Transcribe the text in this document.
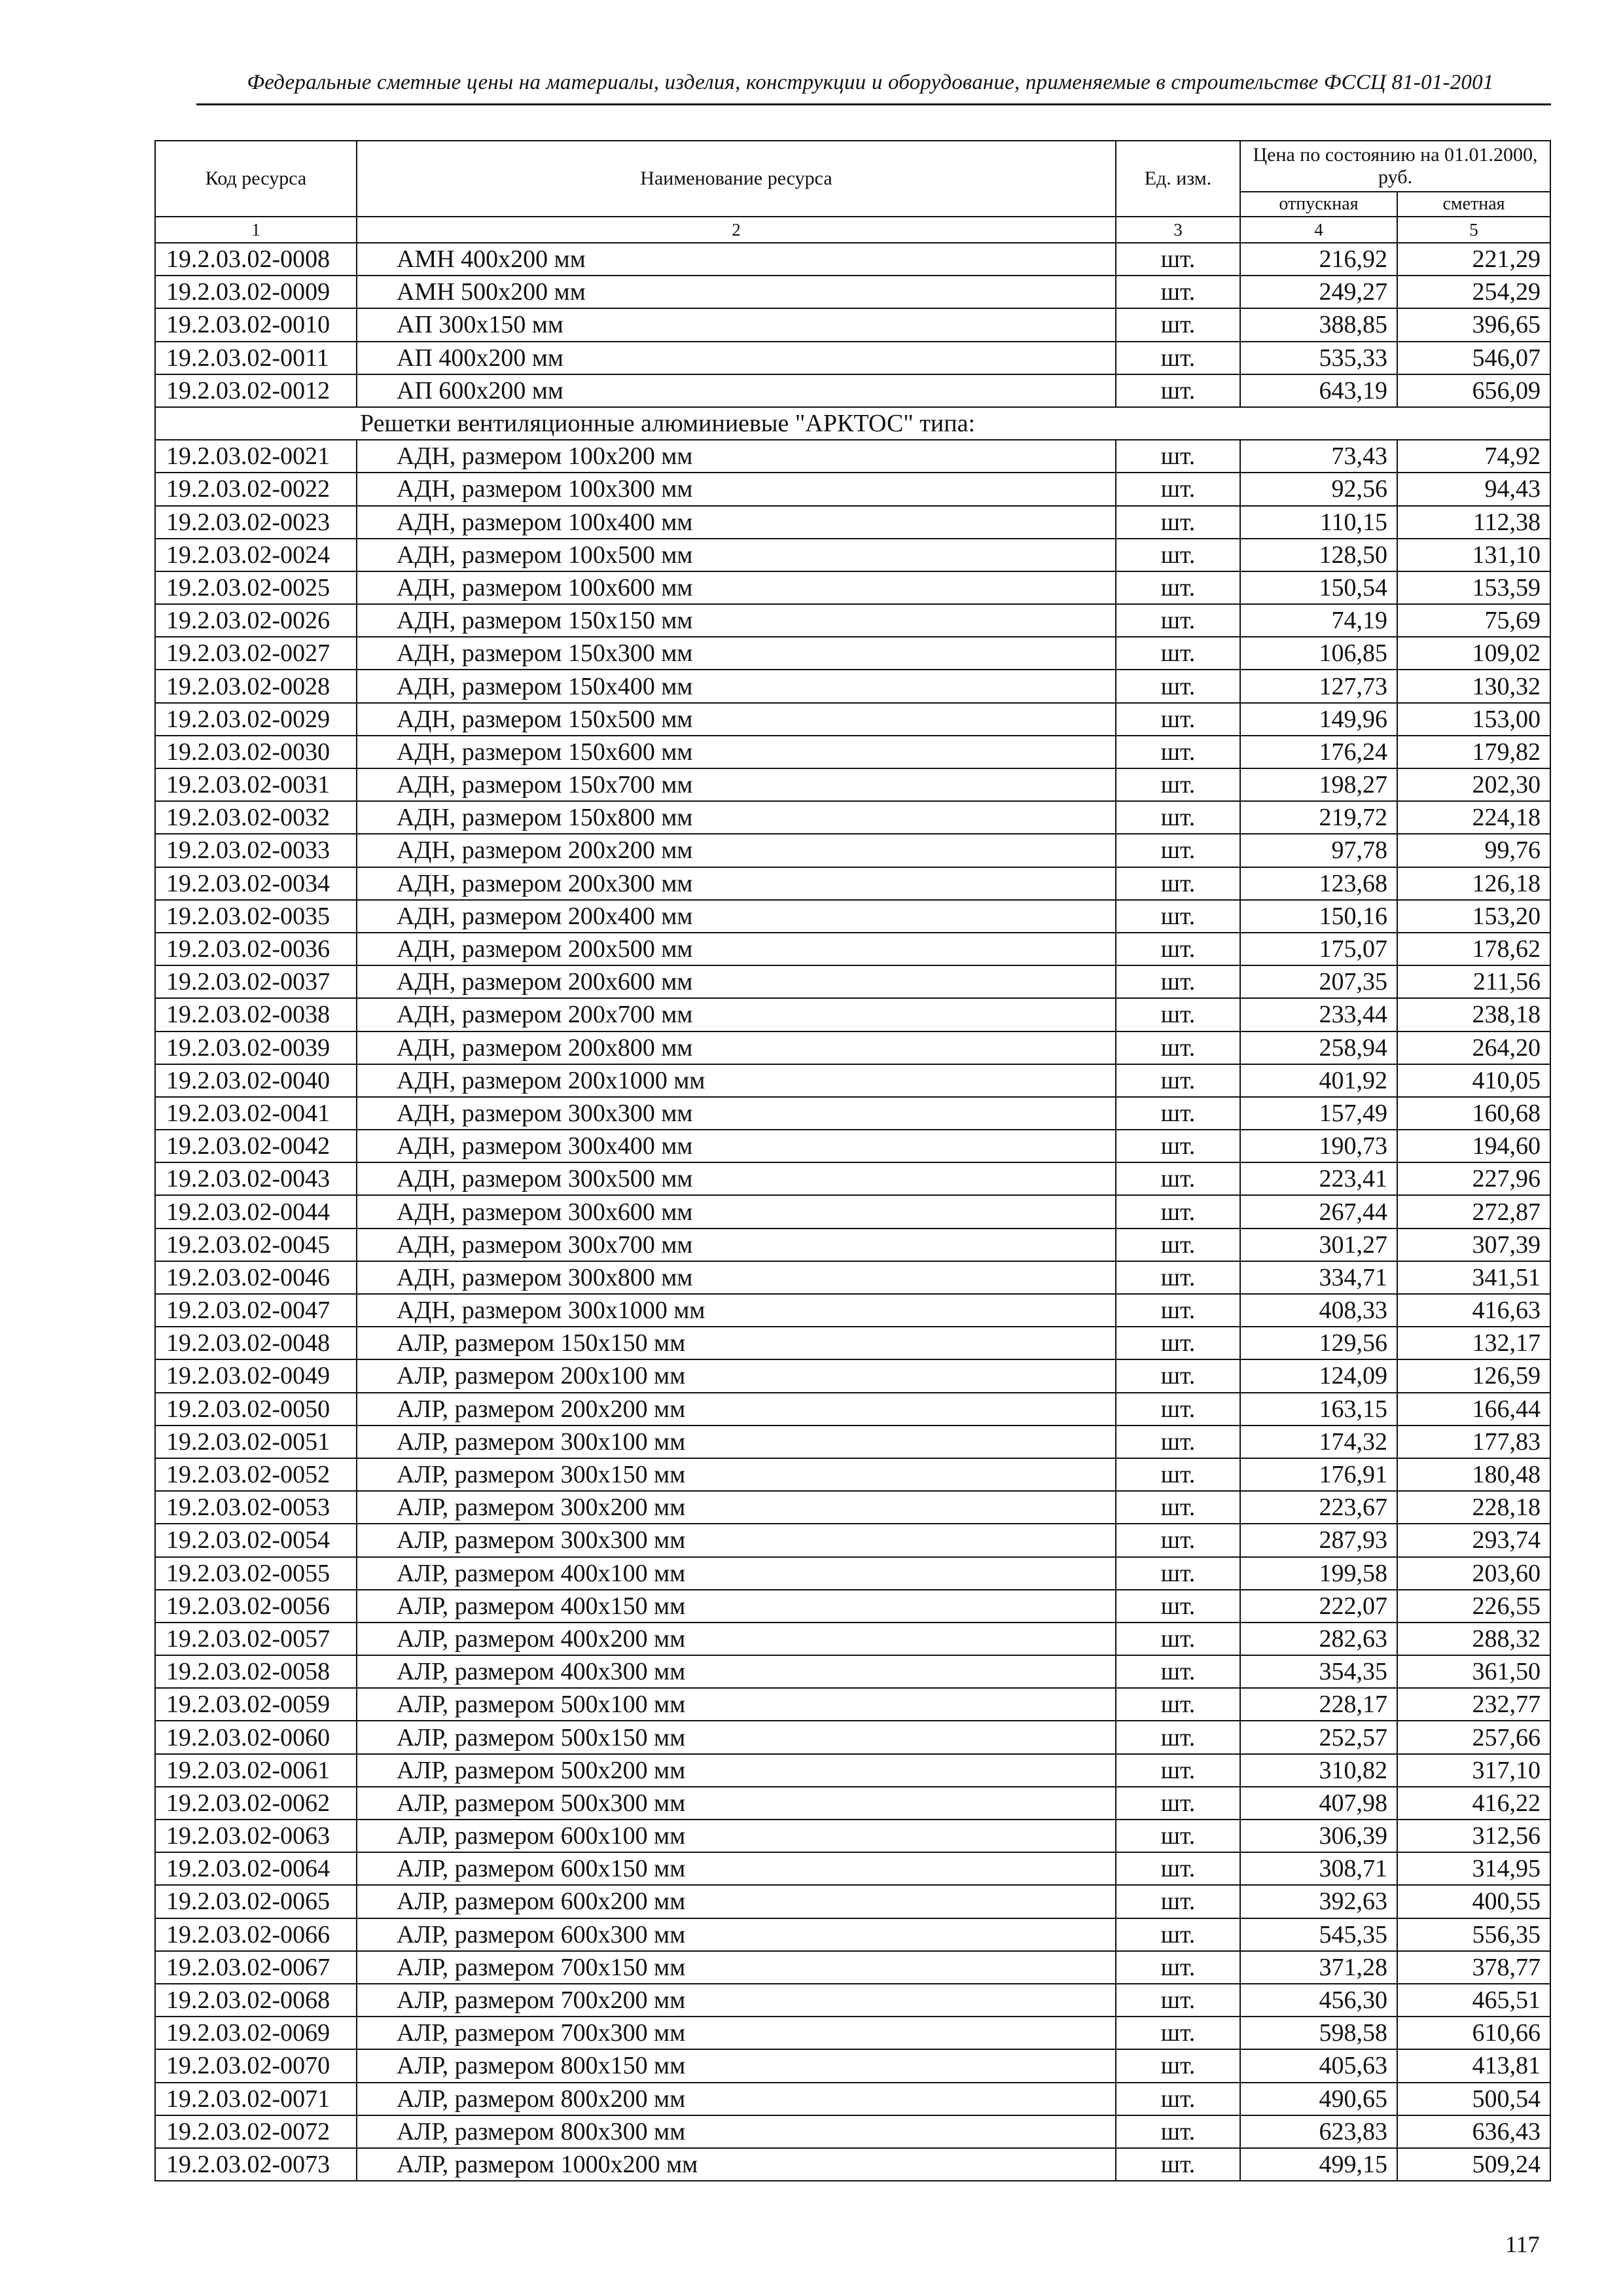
Федеральные сметные цены на материалы, изделия, конструкции и оборудование, применяемые в строительстве ФССЦ 81-01-2001
Код ресурса	Наименование ресурса	Ед. изм.	Цена по состоянию на 01.01.2000, руб.	
			отпускная	сметная
1	2	3	4	5
19.2.03.02-0008	АМН 400х200 мм	шт.	216,92	221,29
19.2.03.02-0009	АМН 500х200 мм	шт.	249,27	254,29
19.2.03.02-0010	АП 300х150 мм	шт.	388,85	396,65
19.2.03.02-0011	АП 400х200 мм	шт.	535,33	546,07
19.2.03.02-0012	АП 600х200 мм	шт.	643,19	656,09
Решетки вентиляционные алюминиевые "АРКТОС" типа:				
19.2.03.02-0021	АДН, размером 100х200 мм	шт.	73,43	74,92
19.2.03.02-0022	АДН, размером 100х300 мм	шт.	92,56	94,43
19.2.03.02-0023	АДН, размером 100х400 мм	шт.	110,15	112,38
19.2.03.02-0024	АДН, размером 100х500 мм	шт.	128,50	131,10
19.2.03.02-0025	АДН, размером 100х600 мм	шт.	150,54	153,59
19.2.03.02-0026	АДН, размером 150х150 мм	шт.	74,19	75,69
19.2.03.02-0027	АДН, размером 150х300 мм	шт.	106,85	109,02
19.2.03.02-0028	АДН, размером 150х400 мм	шт.	127,73	130,32
19.2.03.02-0029	АДН, размером 150х500 мм	шт.	149,96	153,00
19.2.03.02-0030	АДН, размером 150х600 мм	шт.	176,24	179,82
19.2.03.02-0031	АДН, размером 150х700 мм	шт.	198,27	202,30
19.2.03.02-0032	АДН, размером 150х800 мм	шт.	219,72	224,18
19.2.03.02-0033	АДН, размером 200х200 мм	шт.	97,78	99,76
19.2.03.02-0034	АДН, размером 200х300 мм	шт.	123,68	126,18
19.2.03.02-0035	АДН, размером 200х400 мм	шт.	150,16	153,20
19.2.03.02-0036	АДН, размером 200х500 мм	шт.	175,07	178,62
19.2.03.02-0037	АДН, размером 200х600 мм	шт.	207,35	211,56
19.2.03.02-0038	АДН, размером 200х700 мм	шт.	233,44	238,18
19.2.03.02-0039	АДН, размером 200х800 мм	шт.	258,94	264,20
19.2.03.02-0040	АДН, размером 200х1000 мм	шт.	401,92	410,05
19.2.03.02-0041	АДН, размером 300х300 мм	шт.	157,49	160,68
19.2.03.02-0042	АДН, размером 300х400 мм	шт.	190,73	194,60
19.2.03.02-0043	АДН, размером 300х500 мм	шт.	223,41	227,96
19.2.03.02-0044	АДН, размером 300х600 мм	шт.	267,44	272,87
19.2.03.02-0045	АДН, размером 300х700 мм	шт.	301,27	307,39
19.2.03.02-0046	АДН, размером 300х800 мм	шт.	334,71	341,51
19.2.03.02-0047	АДН, размером 300х1000 мм	шт.	408,33	416,63
19.2.03.02-0048	АЛР, размером 150х150 мм	шт.	129,56	132,17
19.2.03.02-0049	АЛР, размером 200х100 мм	шт.	124,09	126,59
19.2.03.02-0050	АЛР, размером 200х200 мм	шт.	163,15	166,44
19.2.03.02-0051	АЛР, размером 300х100 мм	шт.	174,32	177,83
19.2.03.02-0052	АЛР, размером 300х150 мм	шт.	176,91	180,48
19.2.03.02-0053	АЛР, размером 300х200 мм	шт.	223,67	228,18
19.2.03.02-0054	АЛР, размером 300х300 мм	шт.	287,93	293,74
19.2.03.02-0055	АЛР, размером 400х100 мм	шт.	199,58	203,60
19.2.03.02-0056	АЛР, размером 400х150 мм	шт.	222,07	226,55
19.2.03.02-0057	АЛР, размером 400х200 мм	шт.	282,63	288,32
19.2.03.02-0058	АЛР, размером 400х300 мм	шт.	354,35	361,50
19.2.03.02-0059	АЛР, размером 500х100 мм	шт.	228,17	232,77
19.2.03.02-0060	АЛР, размером 500х150 мм	шт.	252,57	257,66
19.2.03.02-0061	АЛР, размером 500х200 мм	шт.	310,82	317,10
19.2.03.02-0062	АЛР, размером 500х300 мм	шт.	407,98	416,22
19.2.03.02-0063	АЛР, размером 600х100 мм	шт.	306,39	312,56
19.2.03.02-0064	АЛР, размером 600х150 мм	шт.	308,71	314,95
19.2.03.02-0065	АЛР, размером 600х200 мм	шт.	392,63	400,55
19.2.03.02-0066	АЛР, размером 600х300 мм	шт.	545,35	556,35
19.2.03.02-0067	АЛР, размером 700х150 мм	шт.	371,28	378,77
19.2.03.02-0068	АЛР, размером 700х200 мм	шт.	456,30	465,51
19.2.03.02-0069	АЛР, размером 700х300 мм	шт.	598,58	610,66
19.2.03.02-0070	АЛР, размером 800х150 мм	шт.	405,63	413,81
19.2.03.02-0071	АЛР, размером 800х200 мм	шт.	490,65	500,54
19.2.03.02-0072	АЛР, размером 800х300 мм	шт.	623,83	636,43
19.2.03.02-0073	АЛР, размером 1000х200 мм	шт.	499,15	509,24
117
